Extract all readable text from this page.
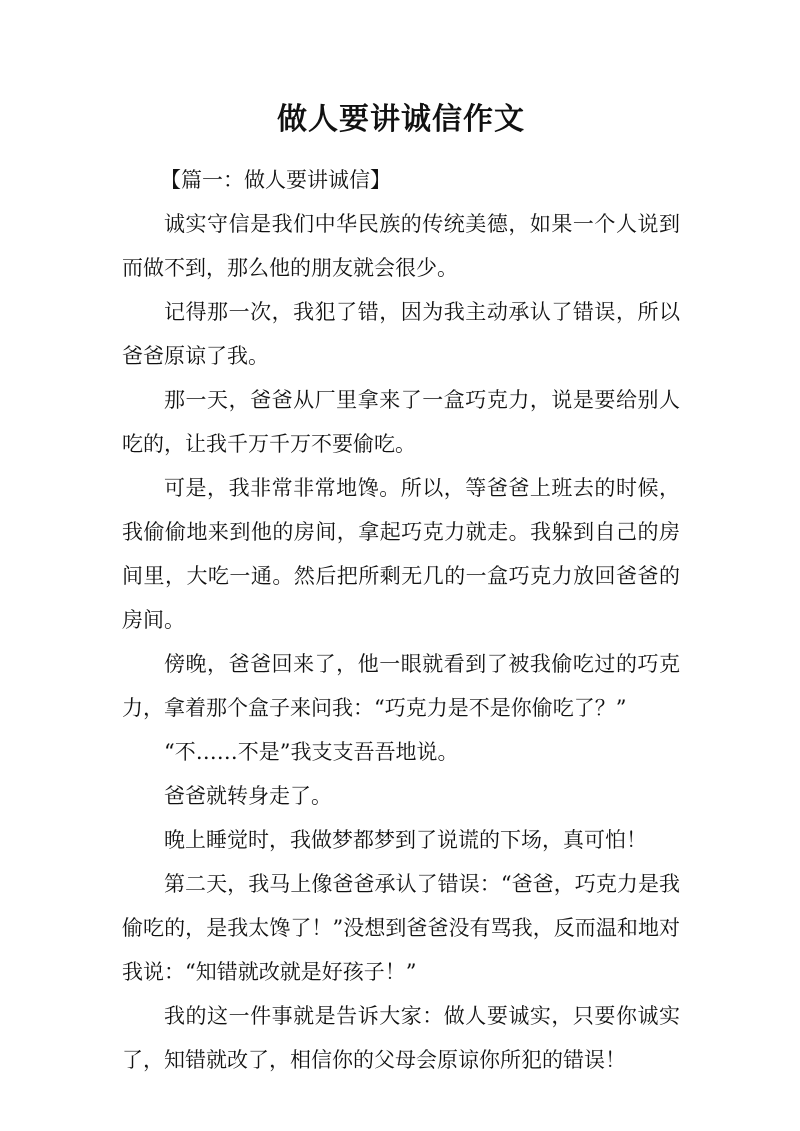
做人要讲诚信作文

【篇一：做人要讲诚信】

诚实守信是我们中华民族的传统美德，如果一个人说到而做不到，那么他的朋友就会很少。

记得那一次，我犯了错，因为我主动承认了错误，所以爸爸原谅了我。

那一天，爸爸从厂里拿来了一盒巧克力，说是要给别人吃的，让我千万千万不要偷吃。

可是，我非常非常地馋。所以，等爸爸上班去的时候，我偷偷地来到他的房间，拿起巧克力就走。我躲到自己的房间里，大吃一通。然后把所剩无几的一盒巧克力放回爸爸的房间。

傍晚，爸爸回来了，他一眼就看到了被我偷吃过的巧克力，拿着那个盒子来问我：“巧克力是不是你偷吃了？”

“不……不是”我支支吾吾地说。

爸爸就转身走了。

晚上睡觉时，我做梦都梦到了说谎的下场，真可怕！

第二天，我马上像爸爸承认了错误：“爸爸，巧克力是我偷吃的，是我太馋了！”没想到爸爸没有骂我，反而温和地对我说：“知错就改就是好孩子！”

我的这一件事就是告诉大家：做人要诚实，只要你诚实了，知错就改了，相信你的父母会原谅你所犯的错误！
